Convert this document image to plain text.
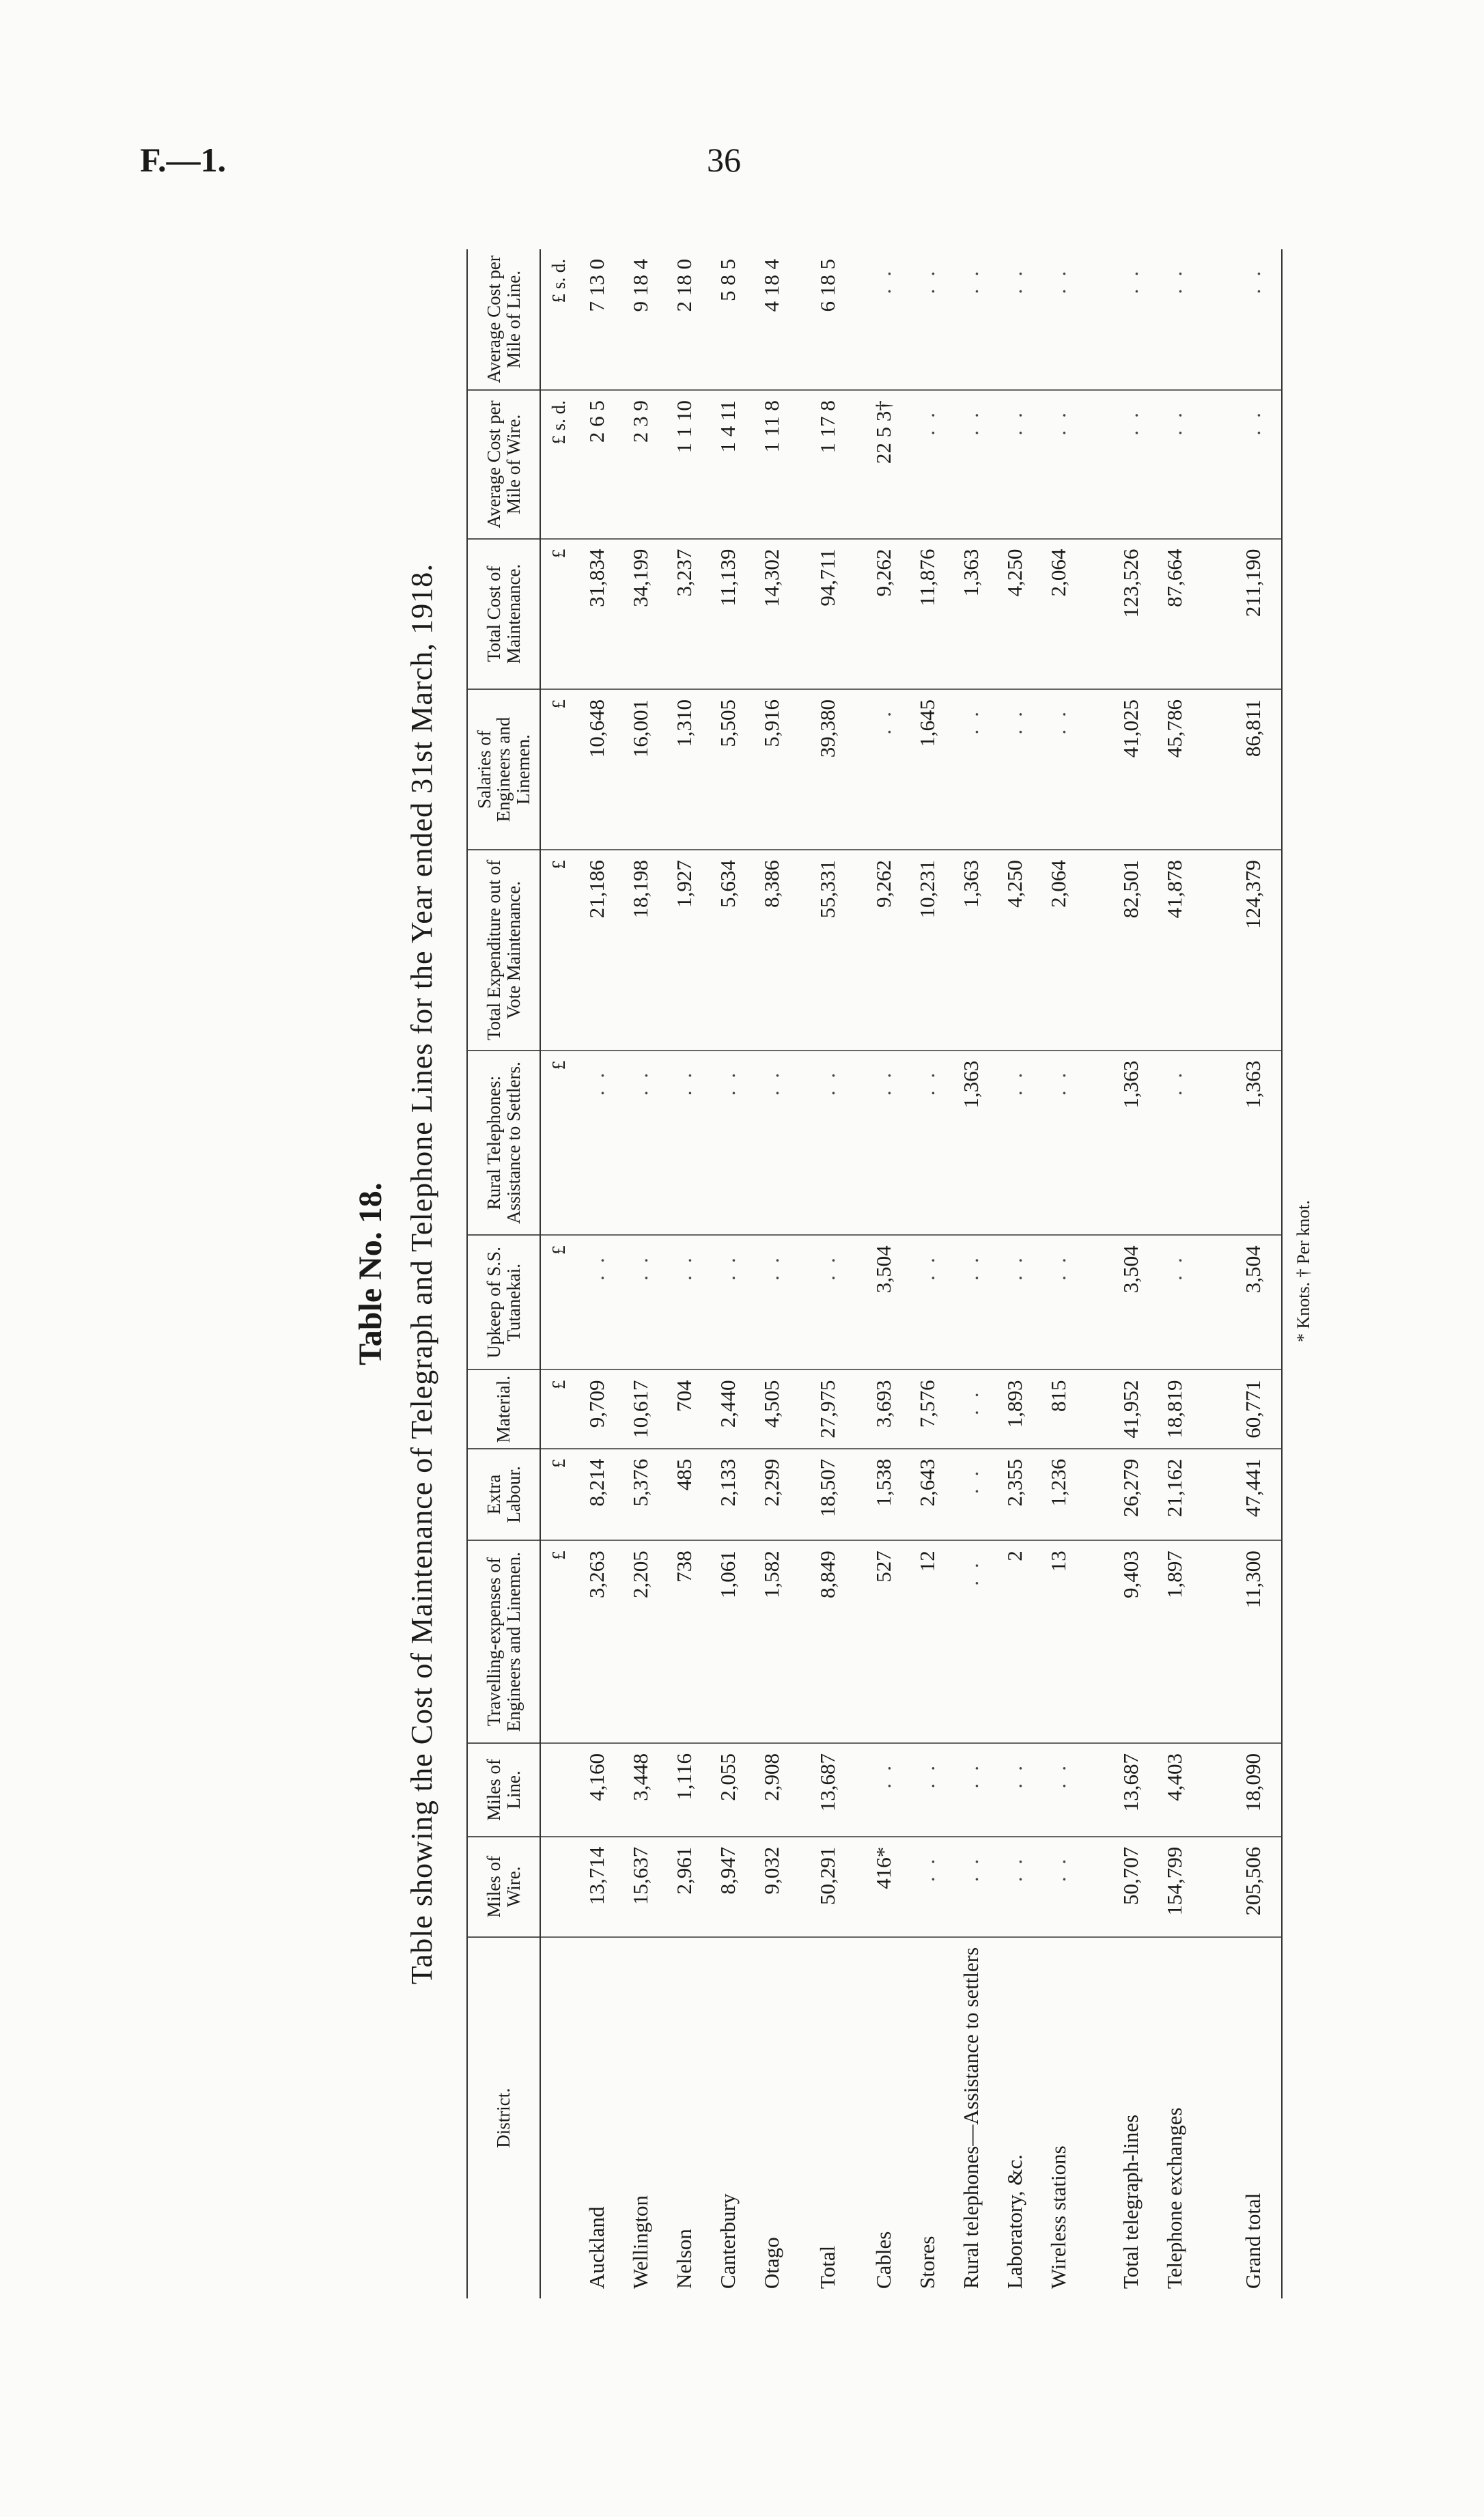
F.—1.	36
Table No. 18. Table showing the Cost of Maintenance of Telegraph and Telephone Lines for the Year ended 31st March, 1918.
District.	Miles of Wire.	Miles of Line.	Travelling-expenses of Engineers and Linemen.	Extra Labour.	Material.	Upkeep of S.S. Tutanekai.	Rural Telephones: Assistance to Settlers.	Total Expenditure out of Vote Maintenance.	Salaries of Engineers and Linemen.	Total Cost of Maintenance.	Average Cost per Mile of Wire.	Average Cost per Mile of Line.
			£	£	£	£	£	£	£	£	£ s. d.	£ s. d.
Auckland	13,714	4,160	3,263	8,214	9,709	..	..	21,186	10,648	31,834	2 6 5	7 13 0
Wellington	15,637	3,448	2,205	5,376	10,617	..	..	18,198	16,001	34,199	2 3 9	9 18 4
Nelson	2,961	1,116	738	485	704	..	..	1,927	1,310	3,237	1 1 10	2 18 0
Canterbury	8,947	2,055	1,061	2,133	2,440	..	..	5,634	5,505	11,139	1 4 11	5 8 5
Otago	9,032	2,908	1,582	2,299	4,505	..	..	8,386	5,916	14,302	1 11 8	4 18 4
Total	50,291	13,687	8,849	18,507	27,975	..	..	55,331	39,380	94,711	1 17 8	6 18 5
Cables	416*	..	527	1,538	3,693	3,504	..	9,262	..	9,262	22 5 3†	..
Stores	..	..	12	2,643	7,576	..	..	10,231	1,645	11,876	..	..
Rural telephones—Assistance to settlers	..	..	..	..	..	..	1,363	1,363	..	1,363	..	..
Laboratory, &c.	..	..	2	2,355	1,893	..	..	4,250	..	4,250	..	..
Wireless stations	..	..	13	1,236	815	..	..	2,064	..	2,064	..	..

Total telegraph-lines	50,707	13,687	9,403	26,279	41,952	3,504	1,363	82,501	41,025	123,526	..	..
Telephone exchanges	154,799	4,403	1,897	21,162	18,819	..	..	41,878	45,786	87,664	..	..

Grand total	205,506	18,090	11,300	47,441	60,771	3,504	1,363	124,379	86,811	211,190	..	..
* Knots. † Per knot.
